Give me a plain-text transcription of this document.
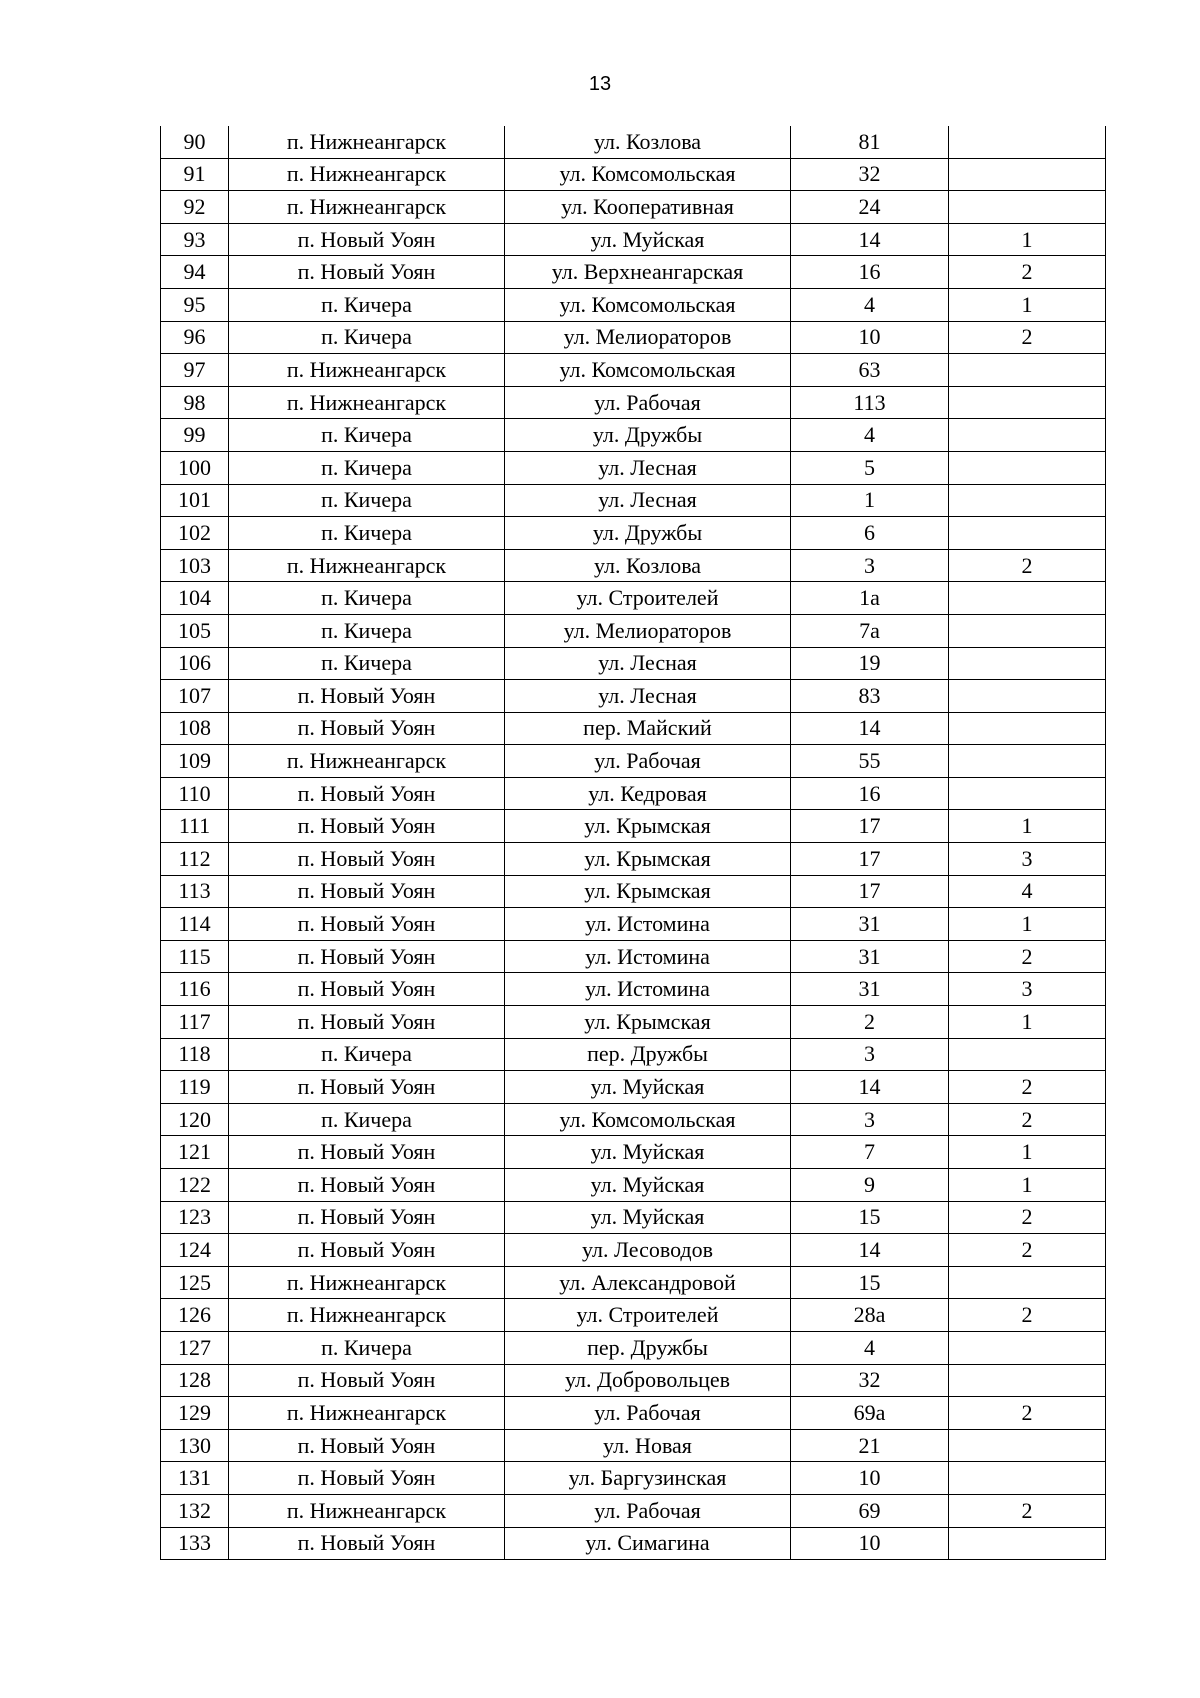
13
90	п. Нижнеангарск	ул. Козлова	81	
91	п. Нижнеангарск	ул. Комсомольская	32	
92	п. Нижнеангарск	ул. Кооперативная	24	
93	п. Новый Уоян	ул. Муйская	14	1
94	п. Новый Уоян	ул. Верхнеангарская	16	2
95	п. Кичера	ул. Комсомольская	4	1
96	п. Кичера	ул. Мелиораторов	10	2
97	п. Нижнеангарск	ул. Комсомольская	63	
98	п. Нижнеангарск	ул. Рабочая	113	
99	п. Кичера	ул. Дружбы	4	
100	п. Кичера	ул. Лесная	5	
101	п. Кичера	ул. Лесная	1	
102	п. Кичера	ул. Дружбы	6	
103	п. Нижнеангарск	ул. Козлова	3	2
104	п. Кичера	ул. Строителей	1а	
105	п. Кичера	ул. Мелиораторов	7а	
106	п. Кичера	ул. Лесная	19	
107	п. Новый Уоян	ул. Лесная	83	
108	п. Новый Уоян	пер. Майский	14	
109	п. Нижнеангарск	ул. Рабочая	55	
110	п. Новый Уоян	ул. Кедровая	16	
111	п. Новый Уоян	ул. Крымская	17	1
112	п. Новый Уоян	ул. Крымская	17	3
113	п. Новый Уоян	ул. Крымская	17	4
114	п. Новый Уоян	ул. Истомина	31	1
115	п. Новый Уоян	ул. Истомина	31	2
116	п. Новый Уоян	ул. Истомина	31	3
117	п. Новый Уоян	ул. Крымская	2	1
118	п. Кичера	пер. Дружбы	3	
119	п. Новый Уоян	ул. Муйская	14	2
120	п. Кичера	ул. Комсомольская	3	2
121	п. Новый Уоян	ул. Муйская	7	1
122	п. Новый Уоян	ул. Муйская	9	1
123	п. Новый Уоян	ул. Муйская	15	2
124	п. Новый Уоян	ул. Лесоводов	14	2
125	п. Нижнеангарск	ул. Александровой	15	
126	п. Нижнеангарск	ул. Строителей	28а	2
127	п. Кичера	пер. Дружбы	4	
128	п. Новый Уоян	ул. Добровольцев	32	
129	п. Нижнеангарск	ул. Рабочая	69а	2
130	п. Новый Уоян	ул. Новая	21	
131	п. Новый Уоян	ул. Баргузинская	10	
132	п. Нижнеангарск	ул. Рабочая	69	2
133	п. Новый Уоян	ул. Симагина	10	
